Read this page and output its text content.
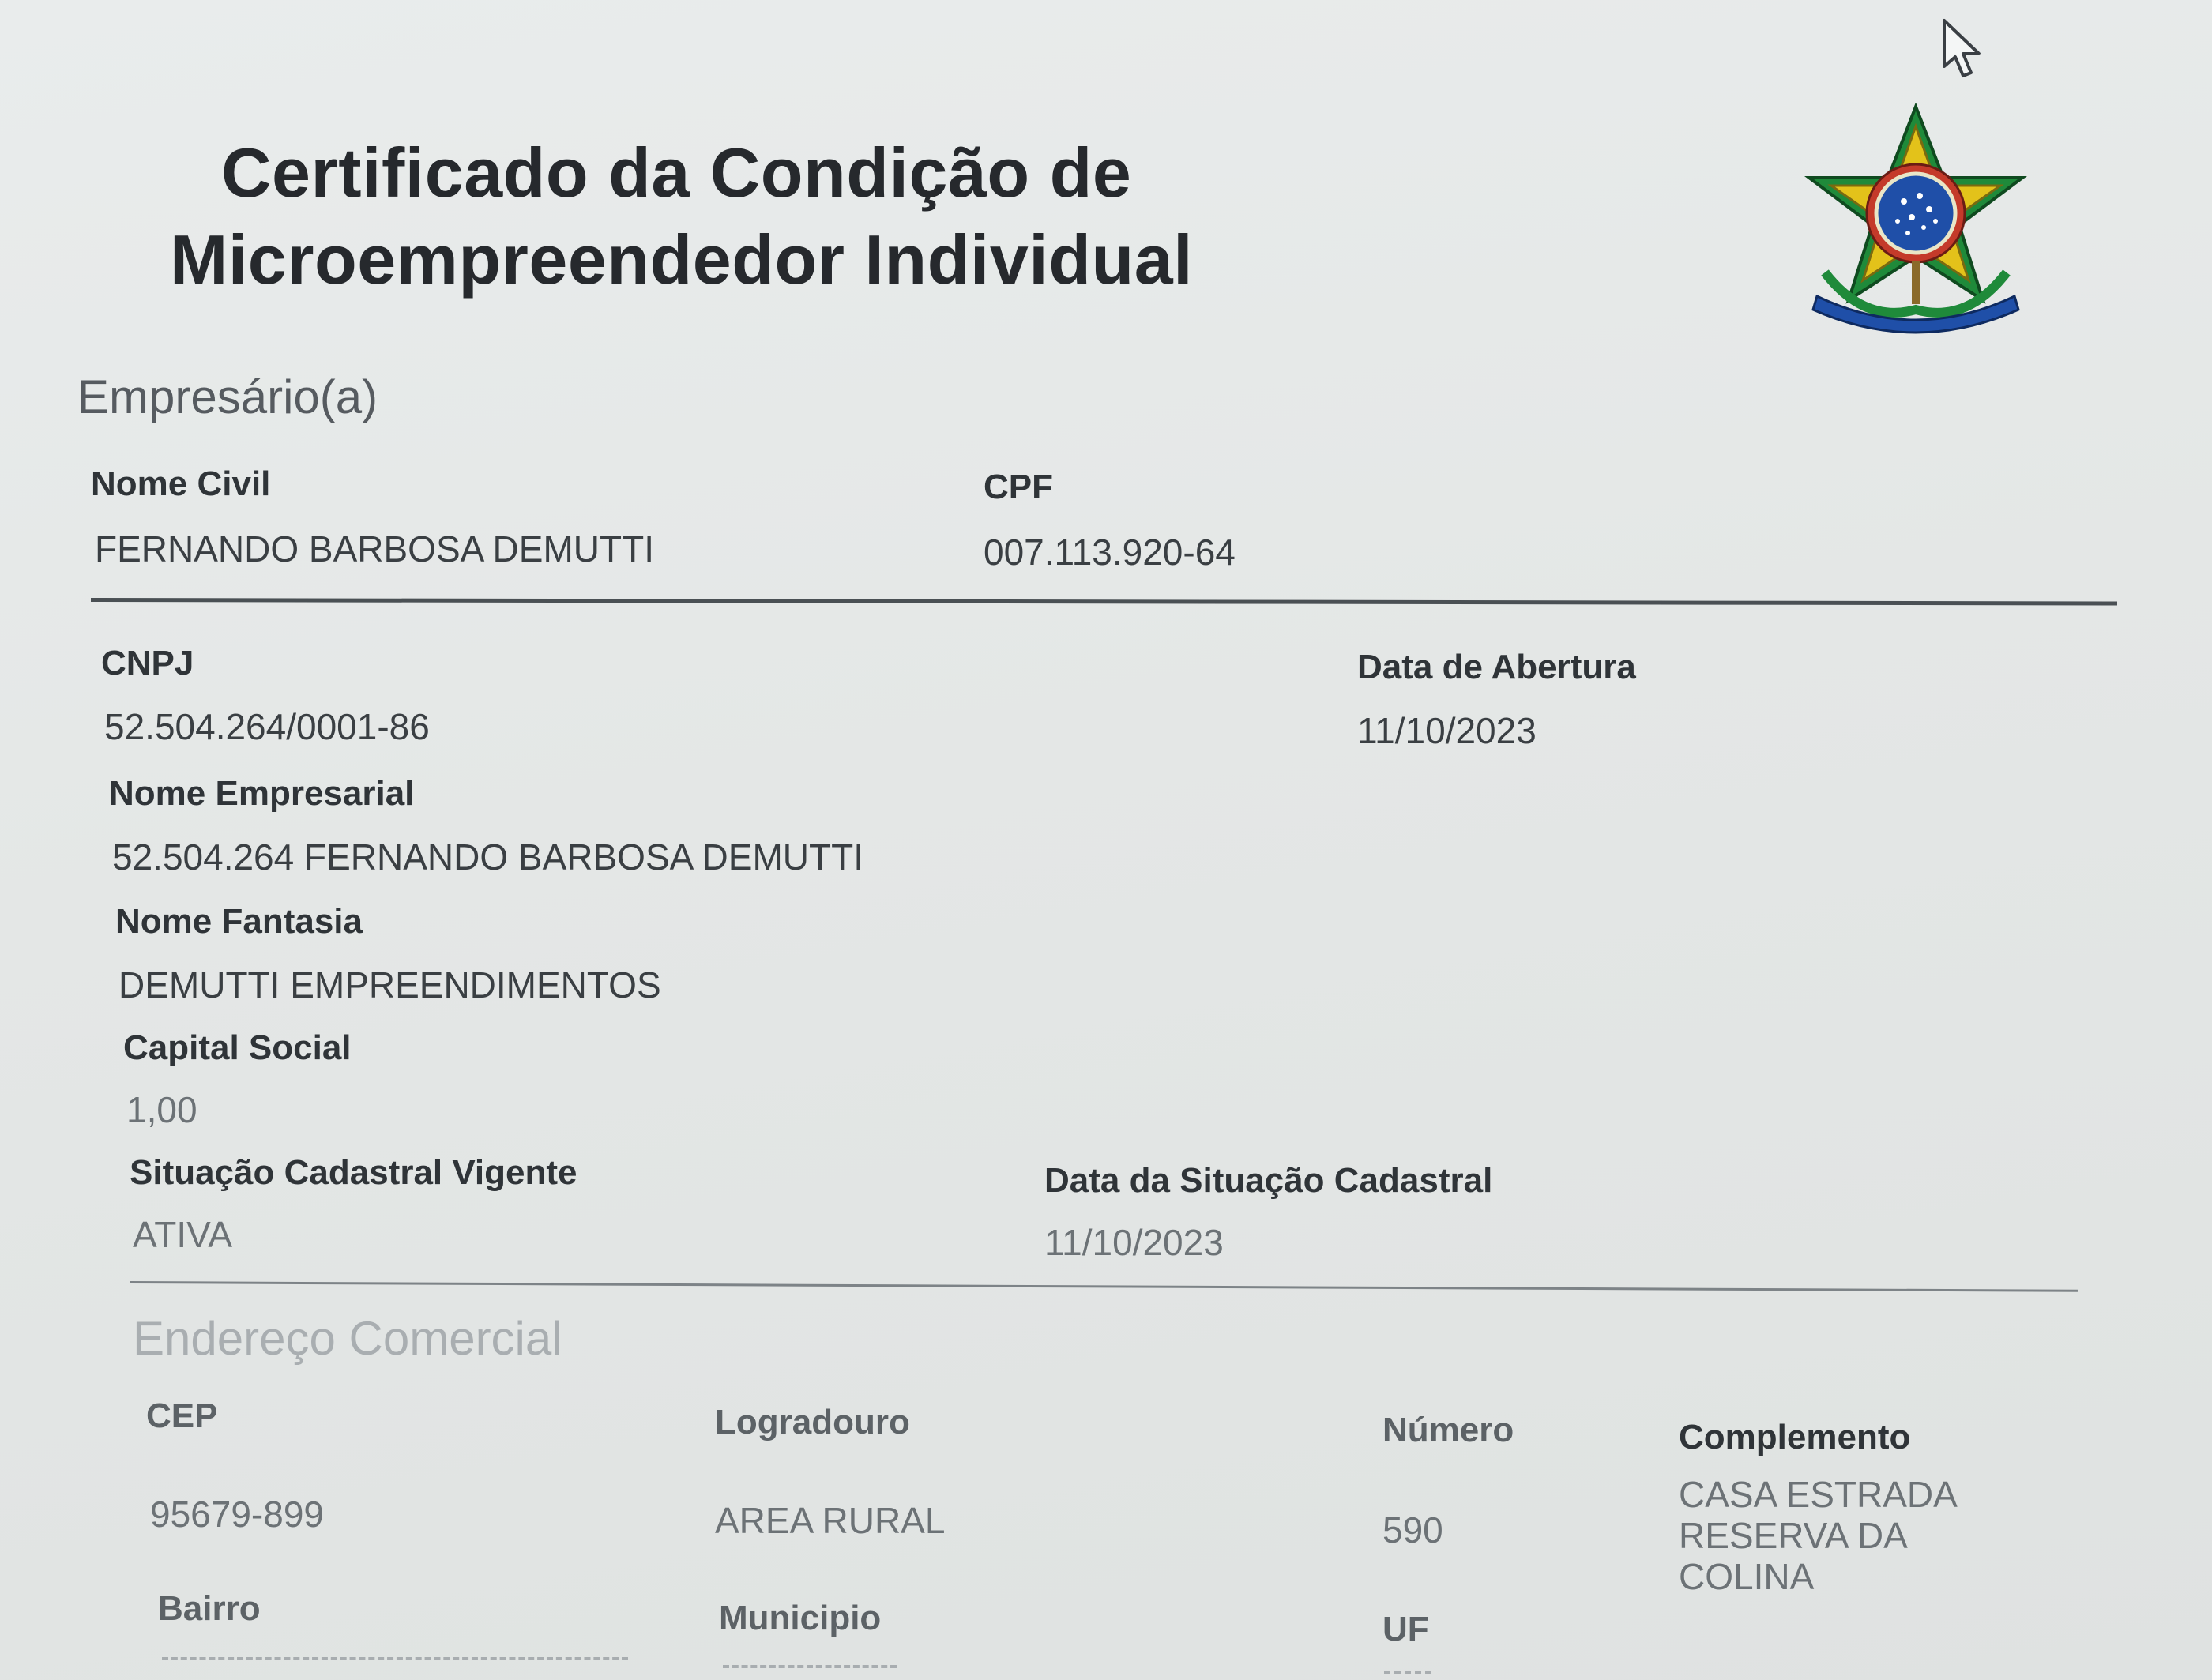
Certificado da Condição de
Microempreendedor Individual
Empresário(a)
Nome Civil
FERNANDO BARBOSA DEMUTTI
CPF
007.113.920-64
CNPJ
52.504.264/0001-86
Data de Abertura
11/10/2023
Nome Empresarial
52.504.264 FERNANDO BARBOSA DEMUTTI
Nome Fantasia
DEMUTTI EMPREENDIMENTOS
Capital Social
1,00
Situação Cadastral Vigente
ATIVA
Data da Situação Cadastral
11/10/2023
Endereço Comercial
CEP
95679-899
Logradouro
AREA RURAL
Número
590
Complemento
CASA ESTRADA RESERVA DA COLINA
Bairro	Municipio	UF
